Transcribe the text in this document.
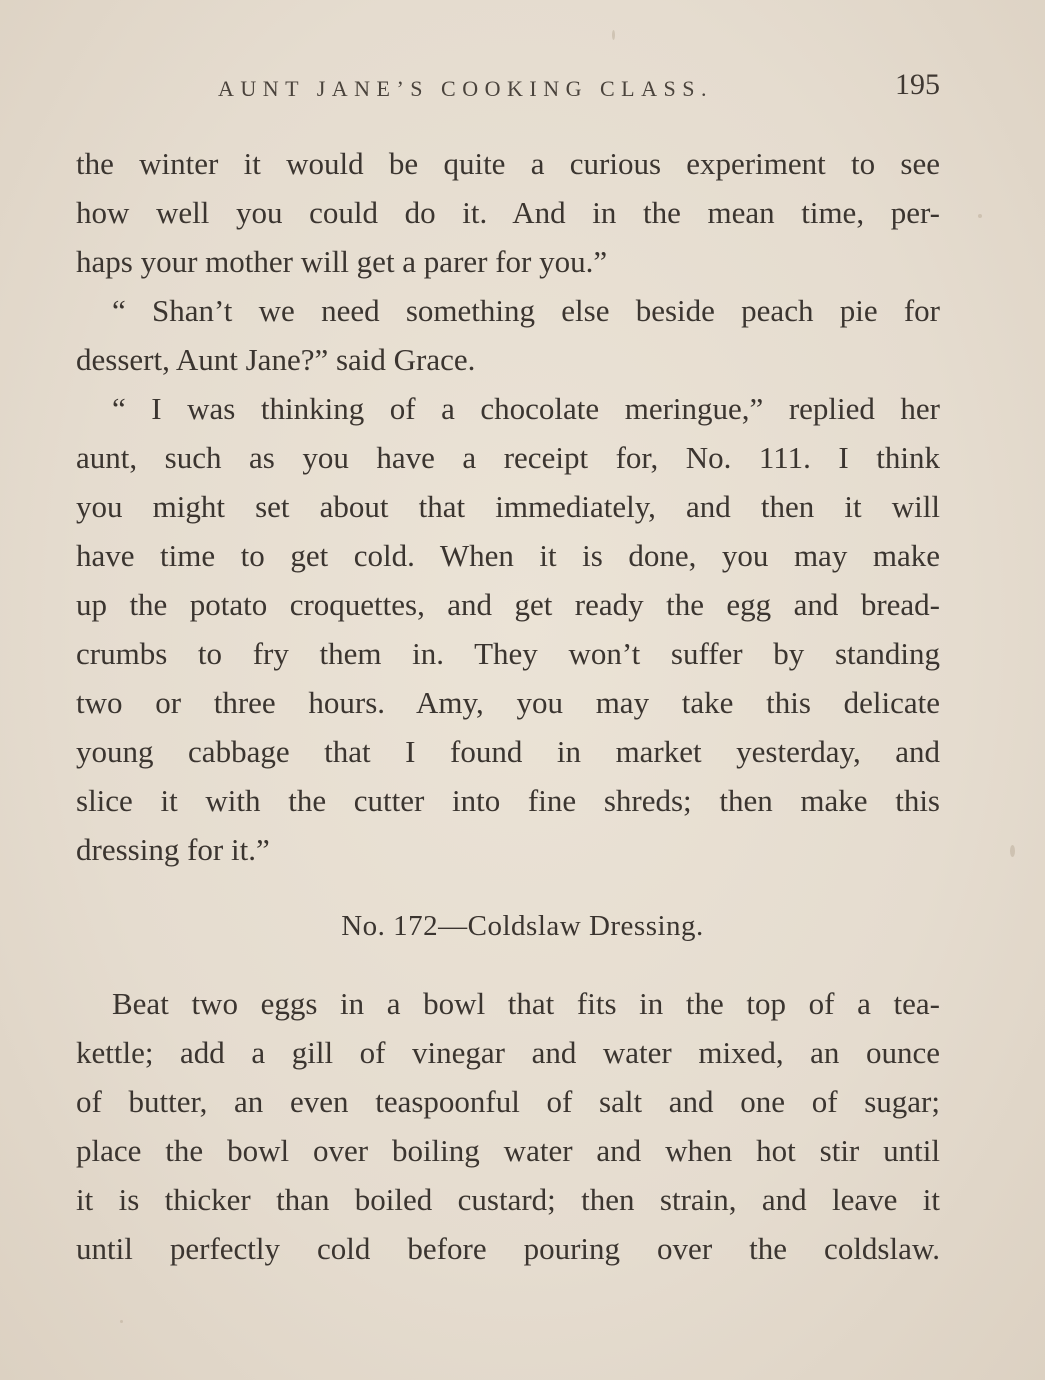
AUNT JANE’S COOKING CLASS.	195
the winter it would be quite a curious experiment to see
how well you could do it. And in the mean time, per-
haps your mother will get a parer for you.”
“ Shan’t we need something else beside peach pie for
dessert, Aunt Jane?” said Grace.
“ I was thinking of a chocolate meringue,” replied her
aunt, such as you have a receipt for, No. 111. I think
you might set about that immediately, and then it will
have time to get cold. When it is done, you may make
up the potato croquettes, and get ready the egg and bread-
crumbs to fry them in. They won’t suffer by standing
two or three hours. Amy, you may take this delicate
young cabbage that I found in market yesterday, and
slice it with the cutter into fine shreds; then make this
dressing for it.”
No. 172—Coldslaw Dressing.
Beat two eggs in a bowl that fits in the top of a tea-
kettle; add a gill of vinegar and water mixed, an ounce
of butter, an even teaspoonful of salt and one of sugar;
place the bowl over boiling water and when hot stir until
it is thicker than boiled custard; then strain, and leave it
until perfectly cold before pouring over the coldslaw.
